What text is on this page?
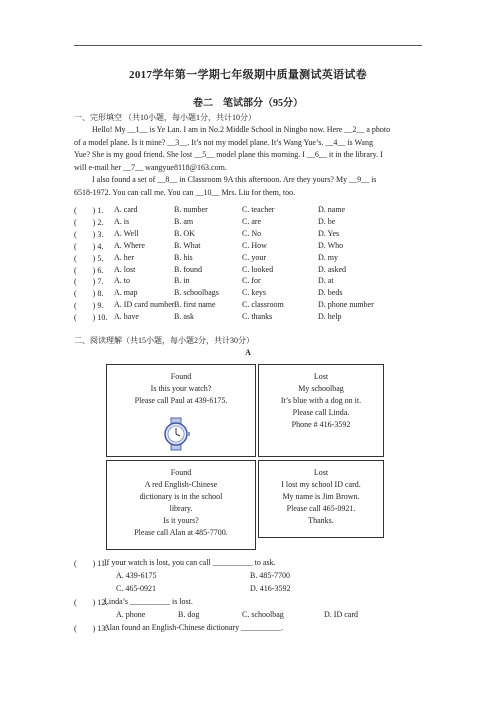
2017学年第一学期七年级期中质量测试英语试卷
卷二　笔试部分（95分）
一、完形填空 （共10小题，每小题1分，共计10分）
Hello! My __1__ is Ye Lan. I am in No.2 Middle School in Ningbo now. Here __2__ a photo
of a model plane. Is it mine? __3__. It’s not my model plane. It’s Wang Yue’s. __4__ is Wang
Yue? She is my good friend. She lost __5__ model plane this morning. I __6__ it in the library. I
will e-mail her __7__ wangyue8118@163.com.
I also found a set of __8__ in Classroom 9A this afternoon. Are they yours? My __9__ is
6518-1972. You can call me. You can __10__ Mrs. Liu for them, too.
(　　) 1. A. card	B. number	C. teacher	D. name
(　　) 2. A. is	B. am	C. are	D. be
(　　) 3. A. Well	B. OK	C. No	D. Yes
(　　) 4. A. Where	B. What	C. How	D. Who
(　　) 5. A. her	B. his	C. your	D. my
(　　) 6. A. lost	B. found	C. looked	D. asked
(　　) 7. A. to	B. in	C. for	D. at
(　　) 8. A. map	B. schoolbags	C. keys	D. beds
(　　) 9. A. ID card number B. first name	C. classroom	D. phone number
(　　) 10. A. have	B. ask	C. thanks	D. help
二、阅读理解（共15小题，每小题2分，共计30分）
A
Found
Is this your watch?
Please call Paul at 439-6175.
Lost
My schoolbag
It’s blue with a dog on it.
Please call Linda.
Phone # 416-3592
Found
A red English-Chinese
dictionary is in the school
library.
Is it yours?
Please call Alan at 485-7700.
Lost
I lost my school ID card.
My name is Jim Brown.
Please call 465-0921.
Thanks.
(　　) 11.
If your watch is lost, you can call __________ to ask.
A. 439-6175	B. 485-7700
C. 465-0921	D. 416-3592
(　　) 12.
Linda’s __________ is lost.
A. phone	B. dog	C. schoolbag	D. ID card
(　　) 13.
Alan found an English-Chinese dictionary __________.
